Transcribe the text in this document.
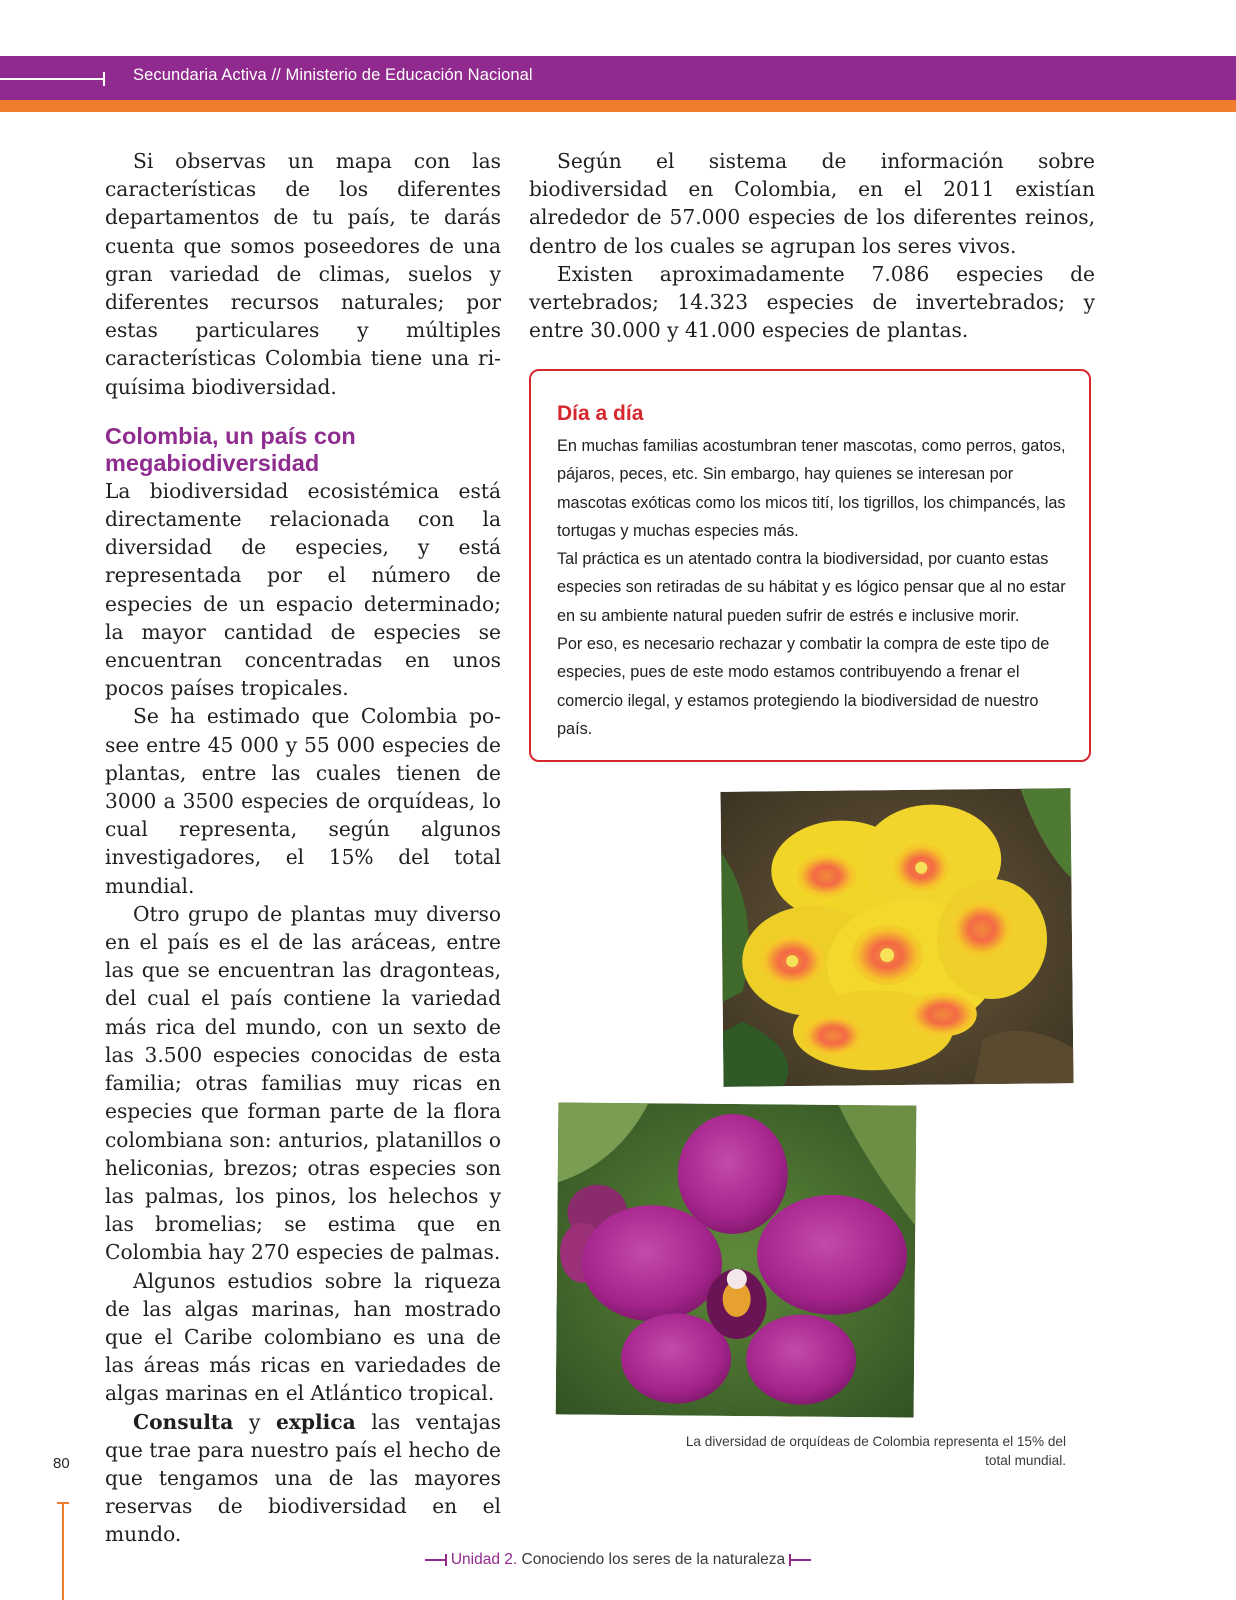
Secundaria Activa // Ministerio de Educación Nacional

Si observas un mapa con las características de los diferentes departamentos de tu país, te darás cuenta que somos poseedores de una gran variedad de climas, suelos y diferentes recursos naturales; por estas particulares y múltiples características Colombia tiene una riquísima biodiversidad.

Colombia, un país con megabiodiversidad

La biodiversidad ecosistémica está directamente relacionada con la diversidad de especies, y está representada por el número de especies de un espacio determinado; la mayor cantidad de especies se encuentran concentradas en unos pocos países tropicales.

Se ha estimado que Colombia posee entre 45 000 y 55 000 especies de plantas, entre las cuales tienen de 3000 a 3500 especies de orquídeas, lo cual representa, según algunos investigadores, el 15% del total mundial.

Otro grupo de plantas muy diverso en el país es el de las aráceas, entre las que se encuentran las dragonteas, del cual el país contiene la variedad más rica del mundo, con un sexto de las 3.500 especies conocidas de esta familia; otras familias muy ricas en especies que forman parte de la flora colombiana son: anturios, platanillos o heliconias, brezos; otras especies son las palmas, los pinos, los helechos y las bromelias; se estima que en Colombia hay 270 especies de palmas.

Algunos estudios sobre la riqueza de las algas marinas, han mostrado que el Caribe colombiano es una de las áreas más ricas en variedades de algas marinas en el Atlántico tropical.

Consulta y explica las ventajas que trae para nuestro país el hecho de que tengamos una de las mayores reservas de biodiversidad en el mundo.

Según el sistema de información sobre biodiversidad en Colombia, en el 2011 existían alrededor de 57.000 especies de los diferentes reinos, dentro de los cuales se agrupan los seres vivos.

Existen aproximadamente 7.086 especies de vertebrados; 14.323 especies de invertebrados; y entre 30.000 y 41.000 especies de plantas.

Día a día

En muchas familias acostumbran tener mascotas, como perros, gatos, pájaros, peces, etc. Sin embargo, hay quienes se interesan por mascotas exóticas como los micos tití, los tigrillos, los chimpancés, las tortugas y muchas especies más.

Tal práctica es un atentado contra la biodiversidad, por cuanto estas especies son retiradas de su hábitat y es lógico pensar que al no estar en su ambiente natural pueden sufrir de estrés e inclusive morir.

Por eso, es necesario rechazar y combatir la compra de este tipo de especies, pues de este modo estamos contribuyendo a frenar el comercio ilegal, y estamos protegiendo la biodiversidad de nuestro país.

La diversidad de orquídeas de Colombia representa el 15% del
total mundial.
80
Unidad 2. Conociendo los seres de la naturaleza
